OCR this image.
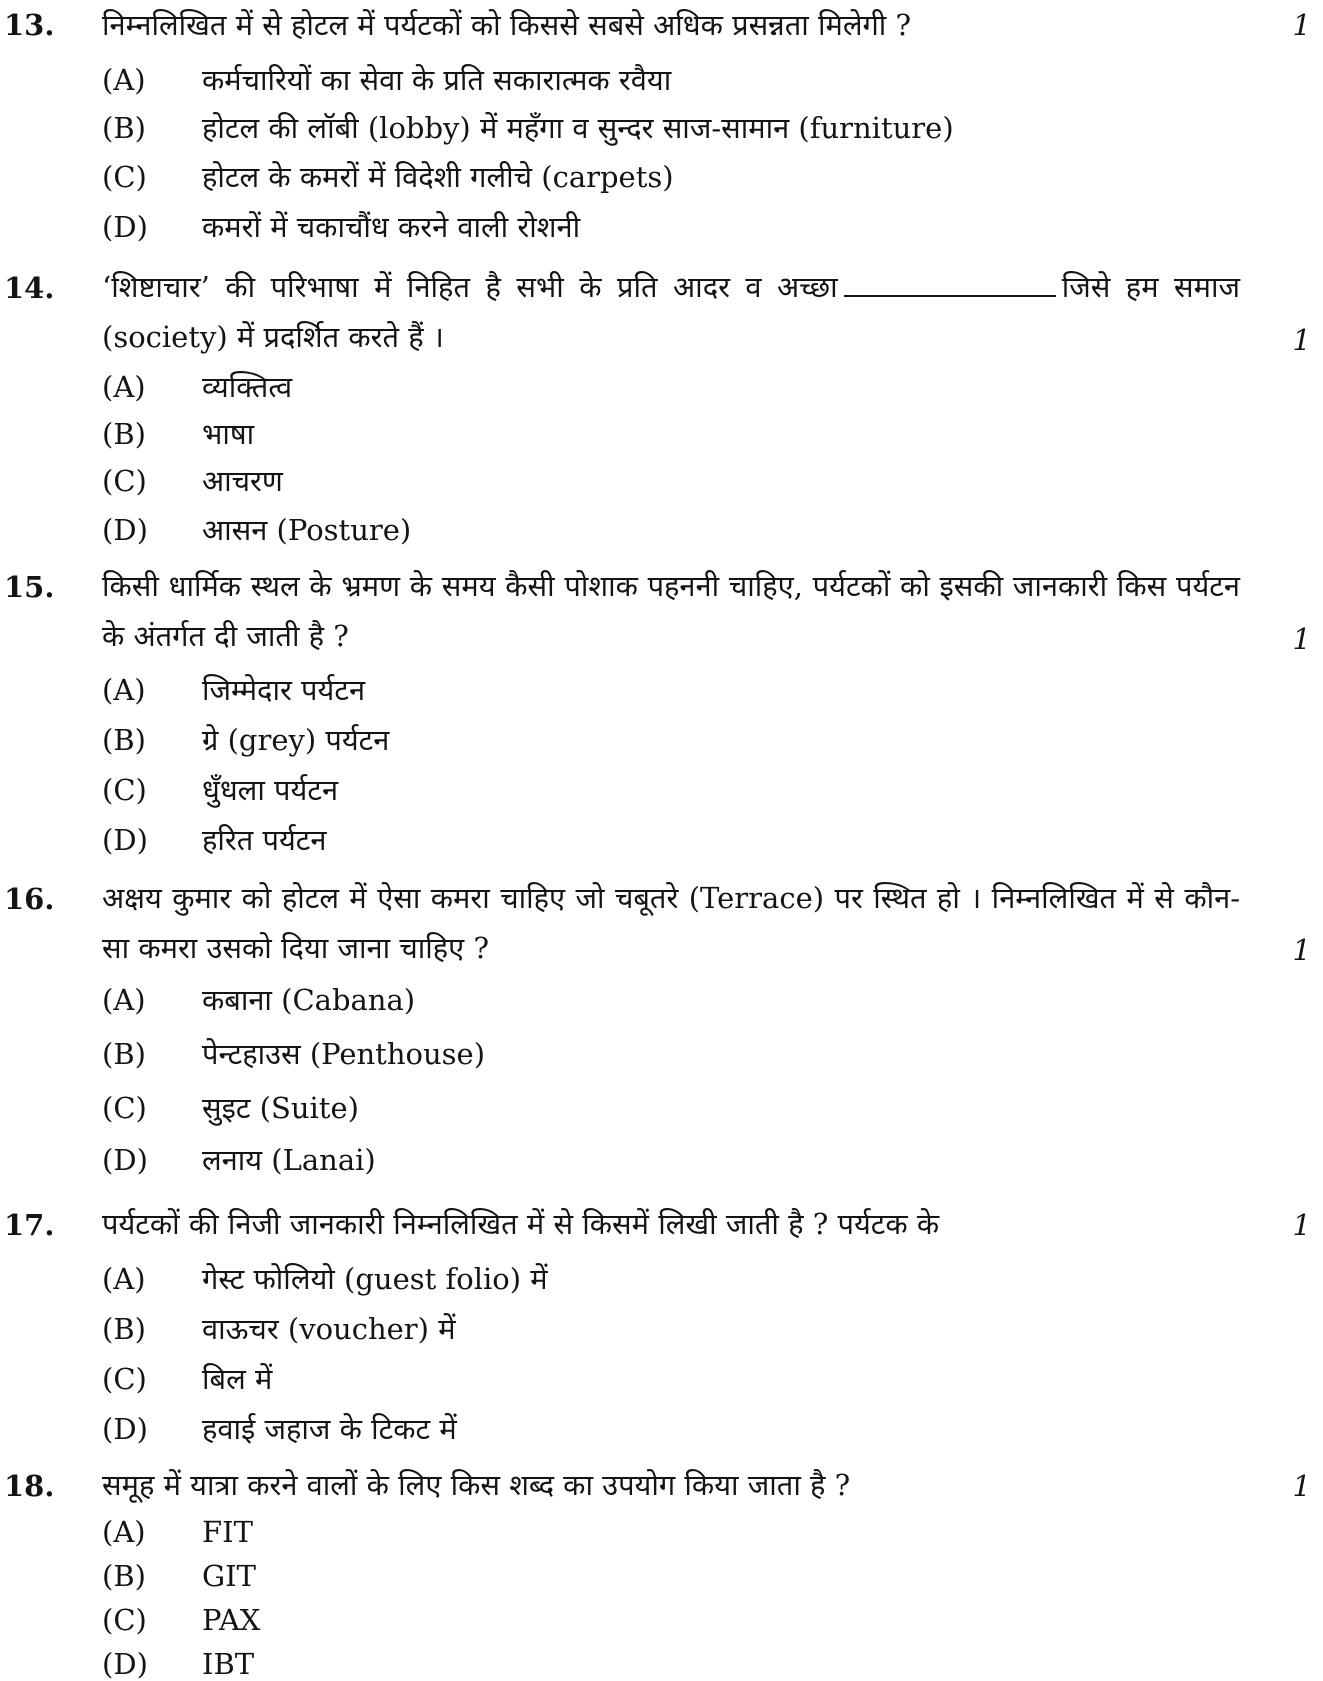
13. निम्नलिखित में से होटल में पर्यटकों को किससे सबसे अधिक प्रसन्नता मिलेगी ?	1
(A) कर्मचारियों का सेवा के प्रति सकारात्मक रवैया
(B) होटल की लॉबी (lobby) में महँगा व सुन्दर साज-सामान (furniture)
(C) होटल के कमरों में विदेशी गलीचे (carpets)
(D) कमरों में चकाचौंध करने वाली रोशनी
14. ‘शिष्टाचार’ की परिभाषा में निहित है सभी के प्रति आदर व अच्छा	जिसे हम समाज (society) में प्रदर्शित करते हैं ।	1
(A) व्यक्तित्व
(B) भाषा
(C) आचरण
(D) आसन (Posture)
15. किसी धार्मिक स्थल के भ्रमण के समय कैसी पोशाक पहननी चाहिए, पर्यटकों को इसकी जानकारी किस पर्यटन के अंतर्गत दी जाती है ?	1
(A) जिम्मेदार पर्यटन
(B) ग्रे (grey) पर्यटन
(C) धुँधला पर्यटन
(D) हरित पर्यटन
16. अक्षय कुमार को होटल में ऐसा कमरा चाहिए जो चबूतरे (Terrace) पर स्थित हो । निम्नलिखित में से कौन-सा कमरा उसको दिया जाना चाहिए ?	1
(A) कबाना (Cabana)
(B) पेन्टहाउस (Penthouse)
(C) सुइट (Suite)
(D) लनाय (Lanai)
17. पर्यटकों की निजी जानकारी निम्नलिखित में से किसमें लिखी जाती है ? पर्यटक के	1
(A) गेस्ट फोलियो (guest folio) में
(B) वाऊचर (voucher) में
(C) बिल में
(D) हवाई जहाज के टिकट में
18. समूह में यात्रा करने वालों के लिए किस शब्द का उपयोग किया जाता है ?	1
(A) FIT
(B) GIT
(C) PAX
(D) IBT
